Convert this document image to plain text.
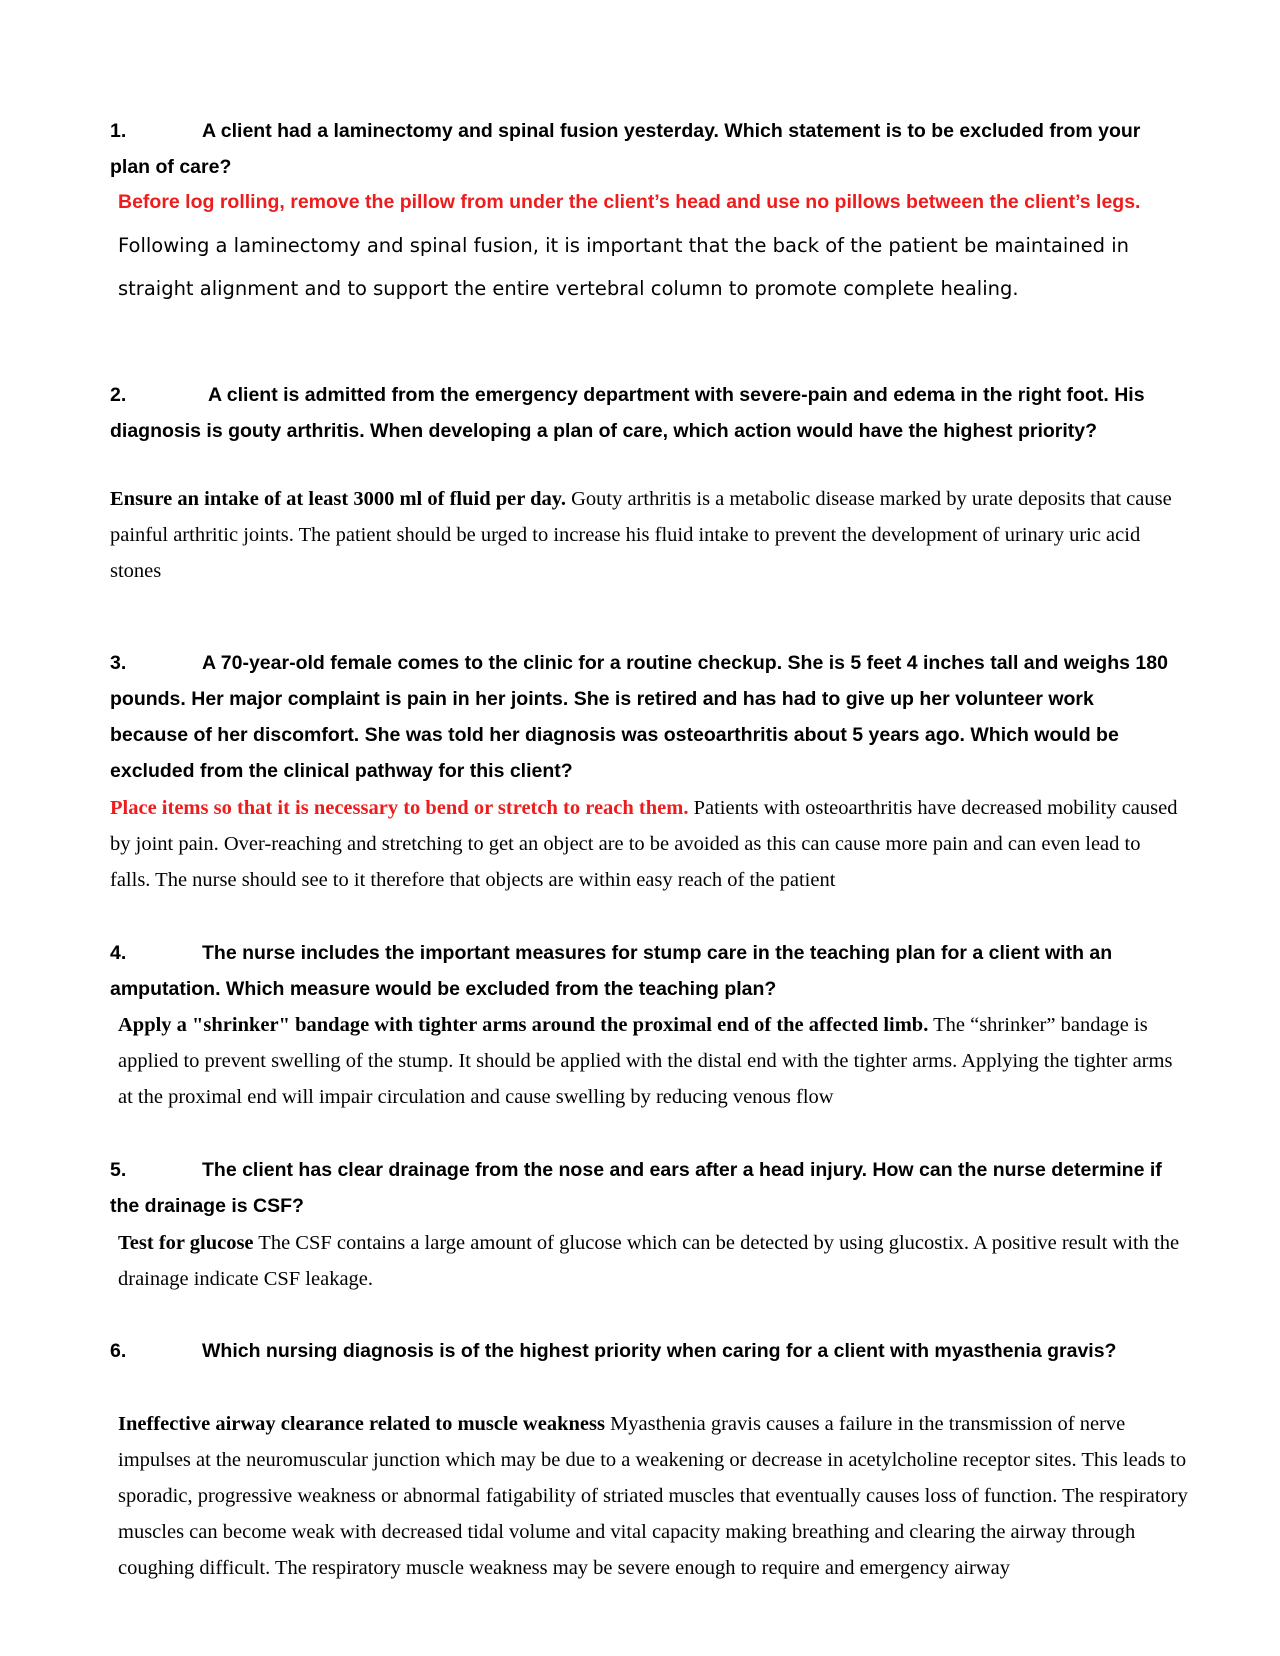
1.	A client had a laminectomy and spinal fusion yesterday. Which statement is to be excluded from your plan of care?

Before log rolling, remove the pillow from under the client’s head and use no pillows between the client’s legs. Following a laminectomy and spinal fusion, it is important that the back of the patient be maintained in straight alignment and to support the entire vertebral column to promote complete healing.

2.	A client is admitted from the emergency department with severe-pain and edema in the right foot. His diagnosis is gouty arthritis. When developing a plan of care, which action would have the highest priority?

Ensure an intake of at least 3000 ml of fluid per day. Gouty arthritis is a metabolic disease marked by urate deposits that cause painful arthritic joints. The patient should be urged to increase his fluid intake to prevent the development of urinary uric acid stones

3.	A 70-year-old female comes to the clinic for a routine checkup. She is 5 feet 4 inches tall and weighs 180 pounds. Her major complaint is pain in her joints. She is retired and has had to give up her volunteer work because of her discomfort. She was told her diagnosis was osteoarthritis about 5 years ago. Which would be excluded from the clinical pathway for this client?

Place items so that it is necessary to bend or stretch to reach them. Patients with osteoarthritis have decreased mobility caused by joint pain. Over-reaching and stretching to get an object are to be avoided as this can cause more pain and can even lead to falls. The nurse should see to it therefore that objects are within easy reach of the patient

4.	The nurse includes the important measures for stump care in the teaching plan for a client with an amputation. Which measure would be excluded from the teaching plan?

Apply a "shrinker" bandage with tighter arms around the proximal end of the affected limb. The “shrinker” bandage is applied to prevent swelling of the stump. It should be applied with the distal end with the tighter arms. Applying the tighter arms at the proximal end will impair circulation and cause swelling by reducing venous flow

5.	The client has clear drainage from the nose and ears after a head injury. How can the nurse determine if the drainage is CSF?

Test for glucose The CSF contains a large amount of glucose which can be detected by using glucostix. A positive result with the drainage indicate CSF leakage.

6.	Which nursing diagnosis is of the highest priority when caring for a client with myasthenia gravis?

Ineffective airway clearance related to muscle weakness Myasthenia gravis causes a failure in the transmission of nerve impulses at the neuromuscular junction which may be due to a weakening or decrease in acetylcholine receptor sites. This leads to sporadic, progressive weakness or abnormal fatigability of striated muscles that eventually causes loss of function. The respiratory muscles can become weak with decreased tidal volume and vital capacity making breathing and clearing the airway through coughing difficult. The respiratory muscle weakness may be severe enough to require and emergency airway
